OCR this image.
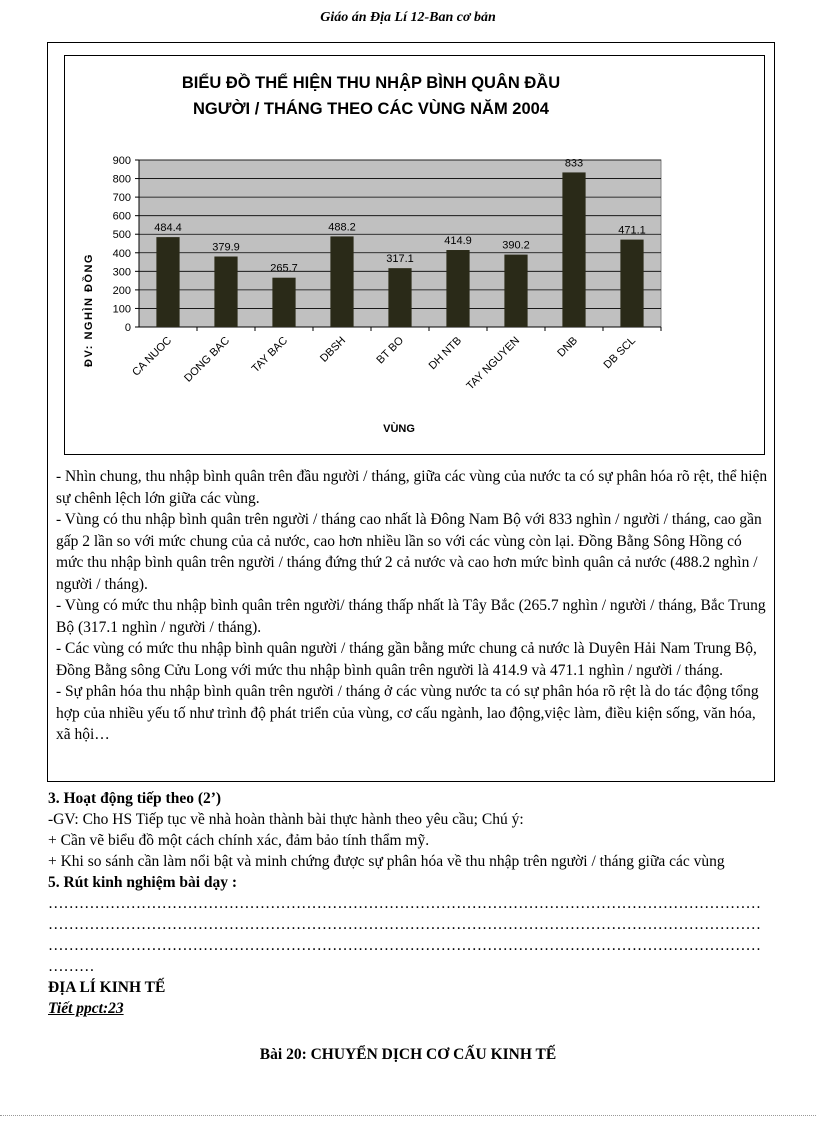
Giáo án Địa Lí 12-Ban cơ bản
BIỂU ĐỒ THỂ HIỆN THU NHẬP BÌNH QUÂN ĐẦU
NGƯỜI / THÁNG THEO CÁC VÙNG NĂM 2004
ĐV: NGHÌN ĐỒNG
VÙNG
0
100
200
300
400
500
600
700
800
900
484.4
CA NUOC
379.9
DONG BAC
265.7
TAY BAC
488.2
DBSH
317.1
BT BO
414.9
DH NTB
390.2
TAY NGUYEN
833
DNB
471.1
DB SCL

- Nhìn chung, thu nhập bình quân trên đầu người / tháng, giữa các vùng của nước ta có sự phân hóa rõ rệt, thể hiện sự chênh lệch lớn giữa các vùng.

- Vùng có thu nhập bình quân trên người / tháng cao nhất là Đông Nam Bộ với 833 nghìn / người / tháng, cao gần gấp 2 lần so với mức chung của cả nước, cao hơn nhiều lần so với các vùng còn lại. Đồng Bằng Sông Hồng có mức thu nhập bình quân trên người / tháng đứng thứ 2 cả nước và cao hơn mức bình quân cả nước (488.2 nghìn / người / tháng).

- Vùng có mức thu nhập bình quân trên người/ tháng thấp nhất là Tây Bắc (265.7 nghìn / người / tháng, Bắc Trung Bộ (317.1 nghìn / người / tháng).

- Các vùng có mức thu nhập bình quân người / tháng gần bằng mức chung cả nước là Duyên Hải Nam Trung Bộ, Đồng Bằng sông Cửu Long với mức thu nhập bình quân trên người là 414.9 và 471.1 nghìn / người / tháng.

- Sự phân hóa thu nhập bình quân trên người / tháng ở các vùng nước ta có sự phân hóa rõ rệt là do tác động tổng hợp của nhiều yếu tố như trình độ phát triển của vùng, cơ cấu ngành, lao động,việc làm, điều kiện sống, văn hóa, xã hội…

3. Hoạt động tiếp theo (2’)

-GV: Cho HS Tiếp tục về nhà hoàn thành bài thực hành theo yêu cầu; Chú ý:

+ Cần vẽ biểu đồ một cách chính xác, đảm bảo tính thẩm mỹ.

+ Khi so sánh cần làm nổi bật và minh chứng được sự phân hóa về thu nhập trên người / tháng giữa các vùng

5. Rút kinh nghiệm bài dạy :

…………………………………………………………………………………………………………………………

…………………………………………………………………………………………………………………………

…………………………………………………………………………………………………………………………

………

ĐỊA LÍ KINH TẾ

Tiết ppct:23

Bài 20: CHUYỂN DỊCH CƠ CẤU KINH TẾ
